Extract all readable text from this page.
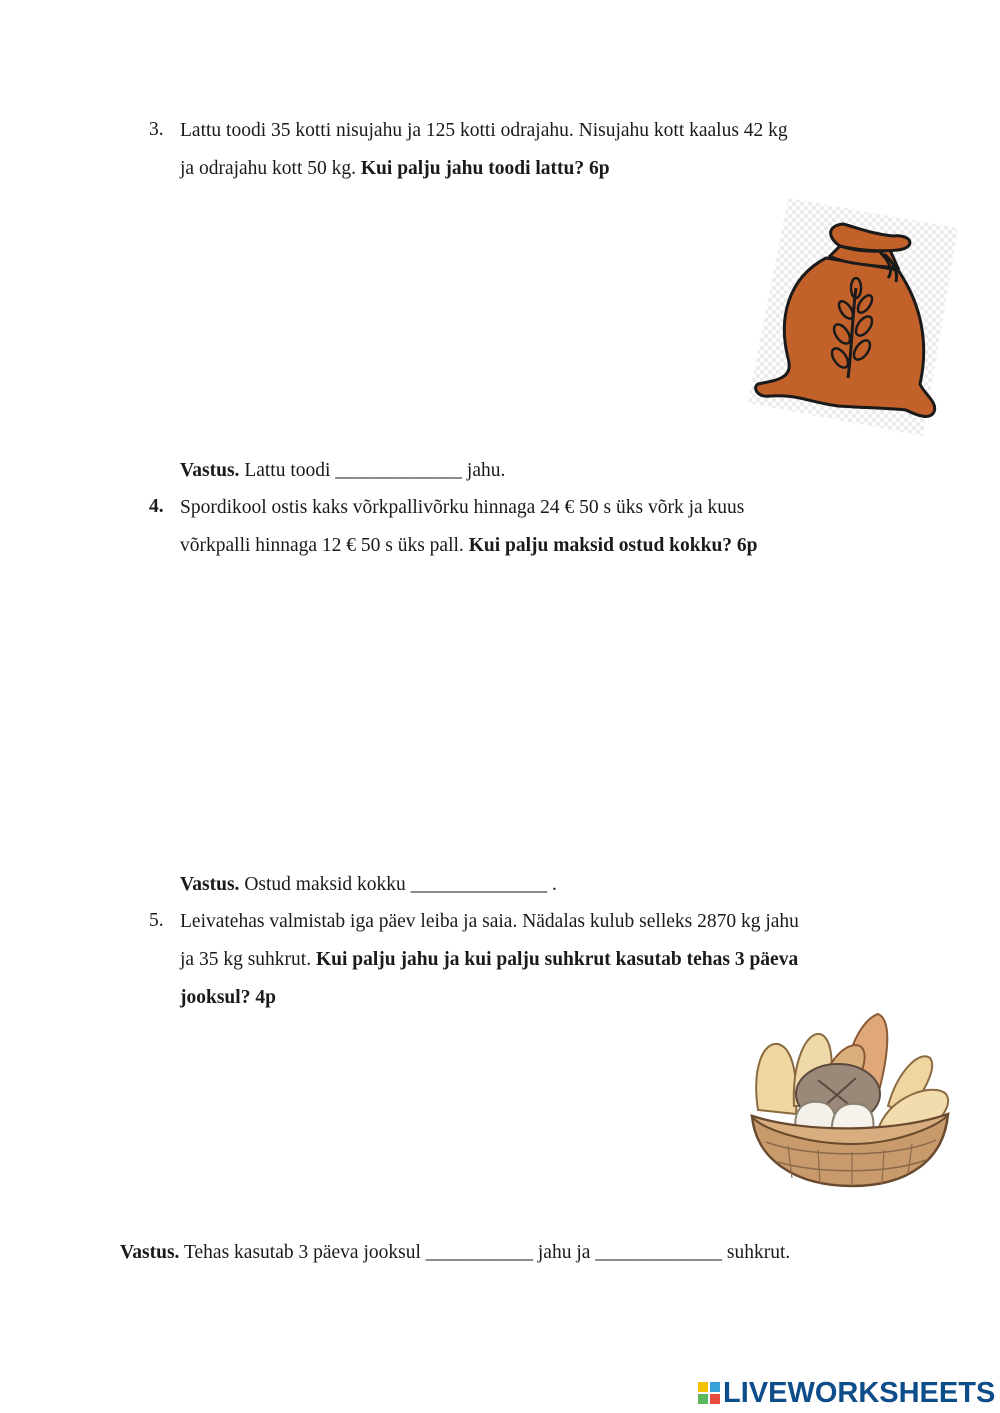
3. Lattu toodi 35 kotti nisujahu ja 125 kotti odrajahu. Nisujahu kott kaalus 42 kg
ja odrajahu kott 50 kg. Kui palju jahu toodi lattu? 6p
Vastus. Lattu toodi _____________ jahu.
4. Spordikool ostis kaks võrkpallivõrku hinnaga 24 € 50 s üks võrk ja kuus
võrkpalli hinnaga 12 € 50 s üks pall. Kui palju maksid ostud kokku? 6p
Vastus. Ostud maksid kokku ______________ .
5. Leivatehas valmistab iga päev leiba ja saia. Nädalas kulub selleks 2870 kg jahu
ja 35 kg suhkrut. Kui palju jahu ja kui palju suhkrut kasutab tehas 3 päeva
jooksul? 4p
Vastus. Tehas kasutab 3 päeva jooksul ___________ jahu ja _____________ suhkrut.
LIVEWORKSHEETS
